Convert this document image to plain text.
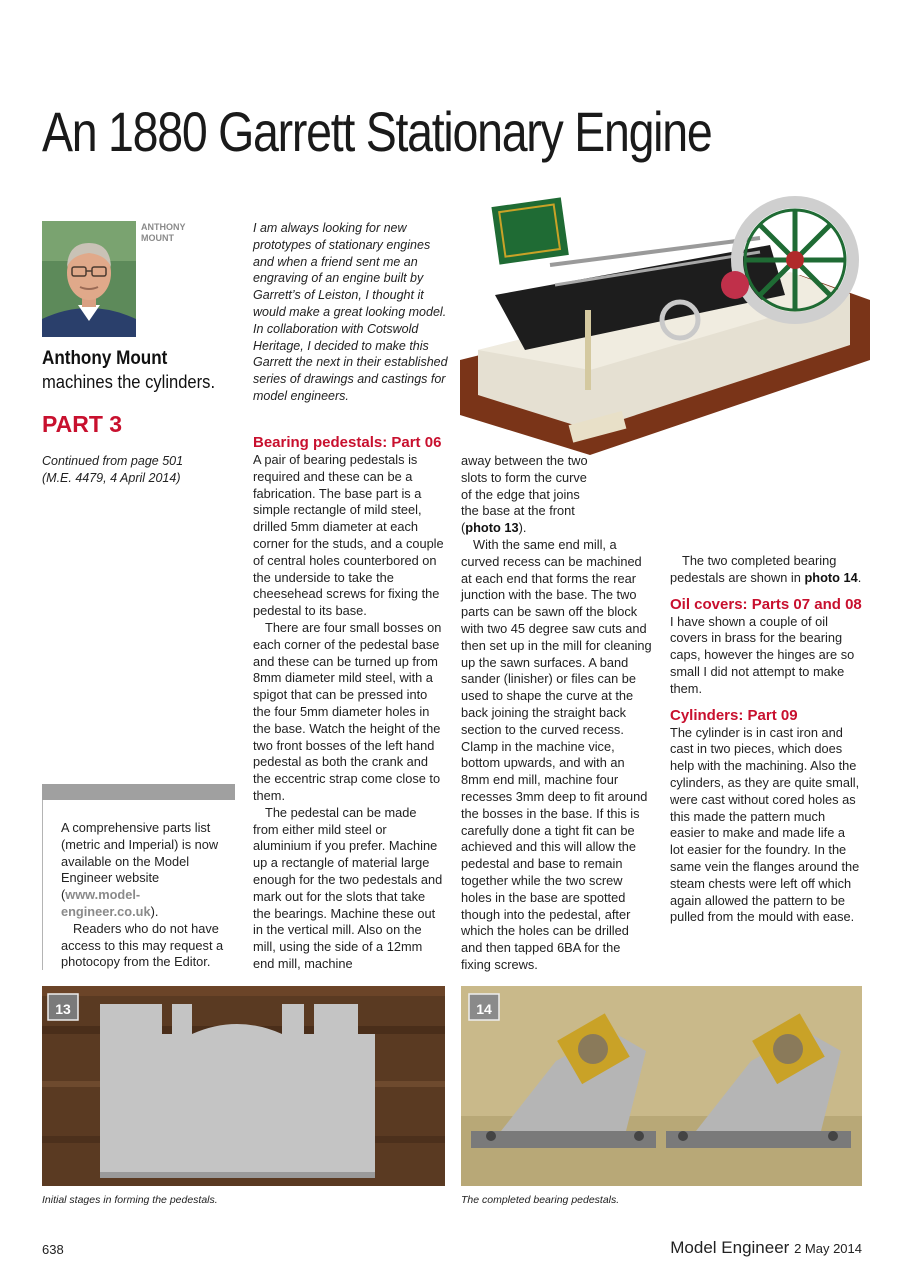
An 1880 Garrett Stationary Engine
ANTHONY
MOUNT
Anthony Mount
machines the cylinders.
PART 3
Continued from page 501
(M.E. 4479, 4 April 2014)
I am always looking for new prototypes of stationary engines and when a friend sent me an engraving of an engine built by Garrett’s of Leiston, I thought it would make a great looking model. In collaboration with Cotswold Heritage, I decided to make this Garrett the next in their established series of drawings and castings for model engineers.
Bearing pedestals: Part 06

A pair of bearing pedestals is required and these can be a fabrication. The base part is a simple rectangle of mild steel, drilled 5mm diameter at each corner for the studs, and a couple of central holes counterbored on the underside to take the cheesehead screws for fixing the pedestal to its base.

There are four small bosses on each corner of the pedestal base and these can be turned up from 8mm diameter mild steel, with a spigot that can be pressed into the four 5mm diameter holes in the base. Watch the height of the two front bosses of the left hand pedestal as both the crank and the eccentric strap come close to them.

The pedestal can be made from either mild steel or aluminium if you prefer. Machine up a rectangle of material large enough for the two pedestals and mark out for the slots that take the bearings. Machine these out in the vertical mill. Also on the mill, using the side of a 12mm end mill, machine

away between the two slots to form the curve of the edge that joins the base at the front (photo 13).

With the same end mill, a curved recess can be machined at each end that forms the rear junction with the base. The two parts can be sawn off the block with two 45 degree saw cuts and then set up in the mill for cleaning up the sawn surfaces. A band sander (linisher) or files can be used to shape the curve at the back joining the straight back section to the curved recess. Clamp in the machine vice, bottom upwards, and with an 8mm end mill, machine four recesses 3mm deep to fit around the bosses in the base. If this is carefully done a tight fit can be achieved and this will allow the pedestal and base to remain together while the two screw holes in the base are spotted though into the pedestal, after which the holes can be drilled and then tapped 6BA for the fixing screws.

The two completed bearing pedestals are shown in photo 14.

Oil covers: Parts 07 and 08

I have shown a couple of oil covers in brass for the bearing caps, however the hinges are so small I did not attempt to make them.

Cylinders: Part 09

The cylinder is in cast iron and cast in two pieces, which does help with the machining. Also the cylinders, as they are quite small, were cast without cored holes as this made the pattern much easier to make and made life a lot easier for the foundry. In the same vein the flanges around the steam chests were left off which again allowed the pattern to be pulled from the mould with ease.

A comprehensive parts list (metric and Imperial) is now available on the Model Engineer website (www.model-engineer.co.uk).

Readers who do not have access to this may request a photocopy from the Editor.

13	14
Initial stages in forming the pedestals.	The completed bearing pedestals.
638	Model Engineer 2 May 2014
